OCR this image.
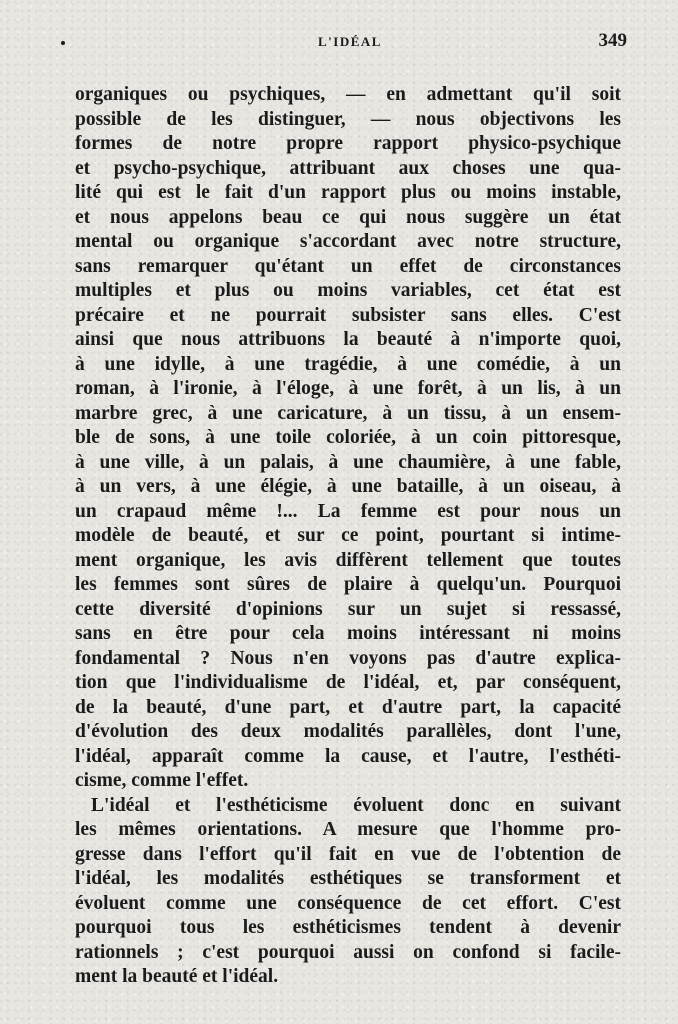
L'IDÉAL	349
organiques ou psychiques, — en admettant qu'il soit
possible de les distinguer, — nous objectivons les
formes de notre propre rapport physico-psychique
et psycho-psychique, attribuant aux choses une qua-
lité qui est le fait d'un rapport plus ou moins instable,
et nous appelons beau ce qui nous suggère un état
mental ou organique s'accordant avec notre structure,
sans remarquer qu'étant un effet de circonstances
multiples et plus ou moins variables, cet état est
précaire et ne pourrait subsister sans elles. C'est
ainsi que nous attribuons la beauté à n'importe quoi,
à une idylle, à une tragédie, à une comédie, à un
roman, à l'ironie, à l'éloge, à une forêt, à un lis, à un
marbre grec, à une caricature, à un tissu, à un ensem-
ble de sons, à une toile coloriée, à un coin pittoresque,
à une ville, à un palais, à une chaumière, à une fable,
à un vers, à une élégie, à une bataille, à un oiseau, à
un crapaud même !... La femme est pour nous un
modèle de beauté, et sur ce point, pourtant si intime-
ment organique, les avis diffèrent tellement que toutes
les femmes sont sûres de plaire à quelqu'un. Pourquoi
cette diversité d'opinions sur un sujet si ressassé,
sans en être pour cela moins intéressant ni moins
fondamental ? Nous n'en voyons pas d'autre explica-
tion que l'individualisme de l'idéal, et, par conséquent,
de la beauté, d'une part, et d'autre part, la capacité
d'évolution des deux modalités parallèles, dont l'une,
l'idéal, apparaît comme la cause, et l'autre, l'esthéti-
cisme, comme l'effet.
L'idéal et l'esthéticisme évoluent donc en suivant
les mêmes orientations. A mesure que l'homme pro-
gresse dans l'effort qu'il fait en vue de l'obtention de
l'idéal, les modalités esthétiques se transforment et
évoluent comme une conséquence de cet effort. C'est
pourquoi tous les esthéticismes tendent à devenir
rationnels ; c'est pourquoi aussi on confond si facile-
ment la beauté et l'idéal.
